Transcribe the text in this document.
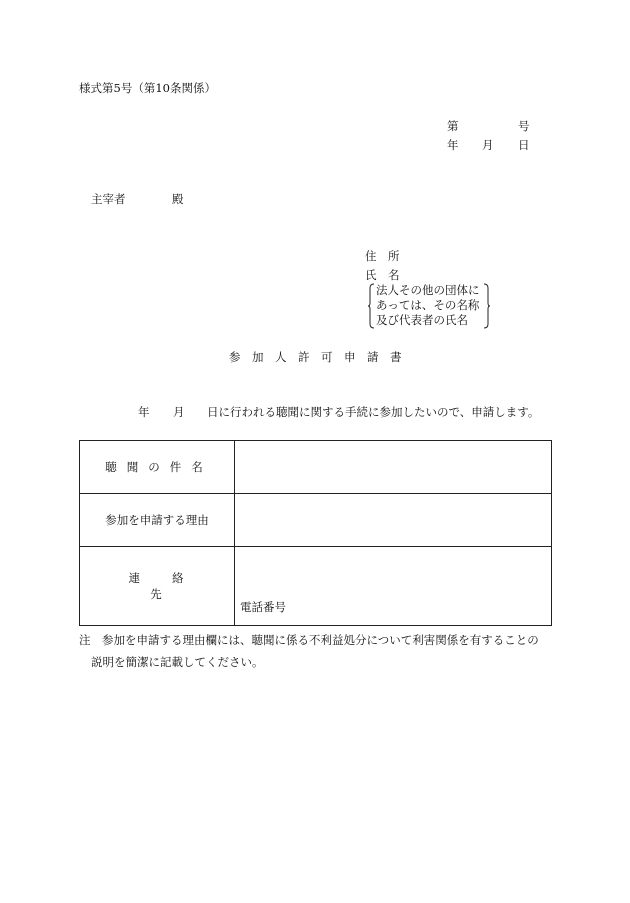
様式第5号（第10条関係）
第	号
年 月 日
主宰者	殿
住　所
氏　名
法人その他の団体に
あっては、その名称
及び代表者の氏名
参　加　人　許　可　申　請　書
年 月 日に行われる聴聞に関する手続に参加したいので、申請します。
聴聞の件名	

参加を申請する理由	

連絡先	電話番号
注 参加を申請する理由欄には、聴聞に係る不利益処分について利害関係を有することの
説明を簡潔に記載してください。
